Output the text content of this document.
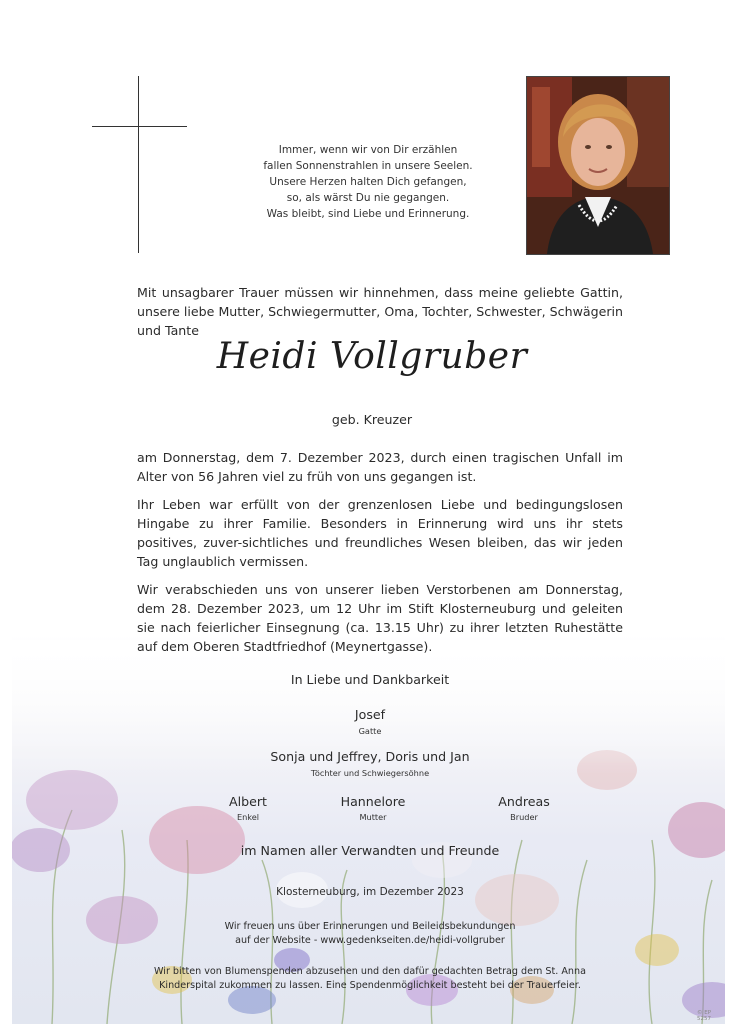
Immer, wenn wir von Dir erzählen
fallen Sonnenstrahlen in unsere Seelen.
Unsere Herzen halten Dich gefangen,
so, als wärst Du nie gegangen.
Was bleibt, sind Liebe und Erinnerung.
Mit unsagbarer Trauer müssen wir hinnehmen, dass meine geliebte Gattin, unsere liebe Mutter, Schwiegermutter, Oma, Tochter, Schwester, Schwägerin und Tante
Heidi Vollgruber
geb. Kreuzer
am Donnerstag, dem 7. Dezember 2023, durch einen tragischen Unfall im Alter von 56 Jahren viel zu früh von uns gegangen ist.
Ihr Leben war erfüllt von der grenzenlosen Liebe und bedingungslosen Hingabe zu ihrer Familie. Besonders in Erinnerung wird uns ihr stets positives, zuver-sichtliches und freundliches Wesen bleiben, das wir jeden Tag unglaublich vermissen.
Wir verabschieden uns von unserer lieben Verstorbenen am Donnerstag, dem 28. Dezember 2023, um 12 Uhr im Stift Klosterneuburg und geleiten sie nach feierlicher Einsegnung (ca. 13.15 Uhr) zu ihrer letzten Ruhestätte auf dem Oberen Stadtfriedhof (Meynertgasse).
In Liebe und Dankbarkeit
Josef
Gatte
Sonja und Jeffrey, Doris und Jan
Töchter und Schwiegersöhne
Albert
Enkel
Hannelore
Mutter
Andreas
Bruder
im Namen aller Verwandten und Freunde
Klosterneuburg, im Dezember 2023
Wir freuen uns über Erinnerungen und Beileidsbekundungen
auf der Website - www.gedenkseiten.de/heidi-vollgruber
Wir bitten von Blumenspenden abzusehen und den dafür gedachten Betrag dem St. Anna
Kinderspital zukommen zu lassen. Eine Spendenmöglichkeit besteht bei der Trauerfeier.
© EP 5257
